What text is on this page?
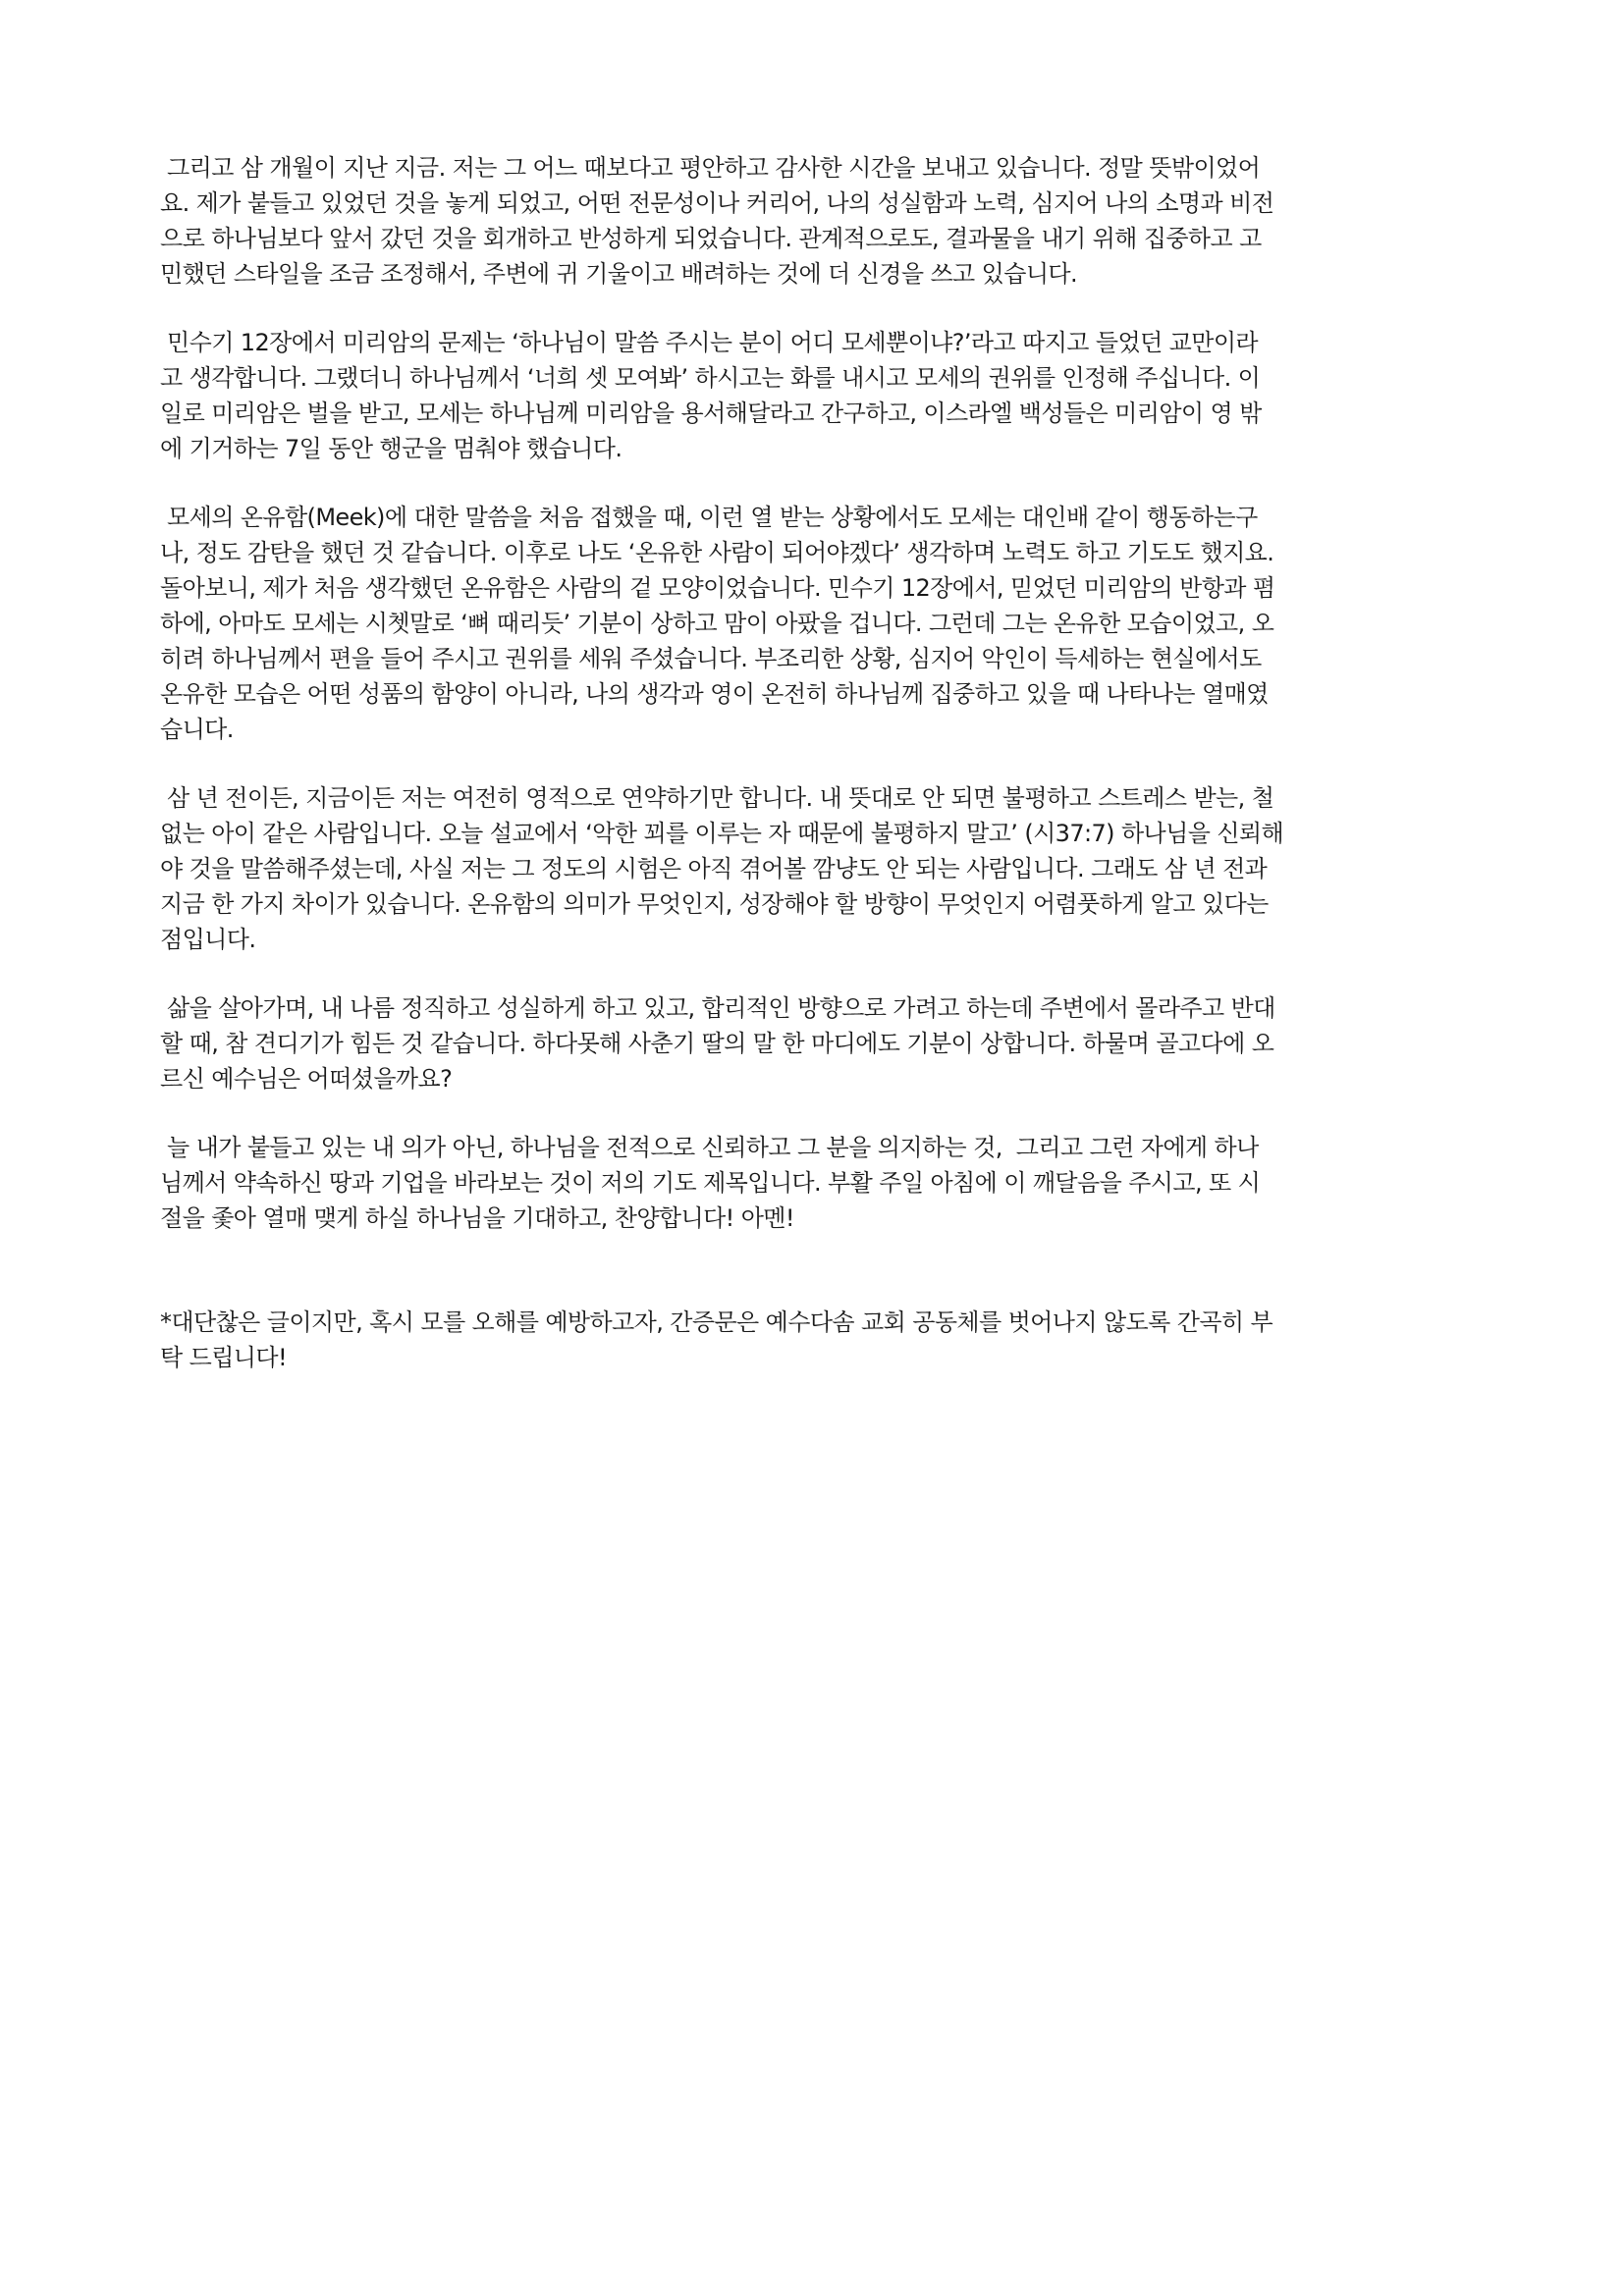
그리고 삼 개월이 지난 지금. 저는 그 어느 때보다고 평안하고 감사한 시간을 보내고 있습니다. 정말 뜻밖이었어
요. 제가 붙들고 있었던 것을 놓게 되었고, 어떤 전문성이나 커리어, 나의 성실함과 노력, 심지어 나의 소명과 비전
으로 하나님보다 앞서 갔던 것을 회개하고 반성하게 되었습니다. 관계적으로도, 결과물을 내기 위해 집중하고 고
민했던 스타일을 조금 조정해서, 주변에 귀 기울이고 배려하는 것에 더 신경을 쓰고 있습니다.

민수기 12장에서 미리암의 문제는 ‘하나님이 말씀 주시는 분이 어디 모세뿐이냐?’라고 따지고 들었던 교만이라
고 생각합니다. 그랬더니 하나님께서 ‘너희 셋 모여봐’ 하시고는 화를 내시고 모세의 권위를 인정해 주십니다. 이
일로 미리암은 벌을 받고, 모세는 하나님께 미리암을 용서해달라고 간구하고, 이스라엘 백성들은 미리암이 영 밖
에 기거하는 7일 동안 행군을 멈춰야 했습니다.

모세의 온유함(Meek)에 대한 말씀을 처음 접했을 때, 이런 열 받는 상황에서도 모세는 대인배 같이 행동하는구
나, 정도 감탄을 했던 것 같습니다. 이후로 나도 ‘온유한 사람이 되어야겠다’ 생각하며 노력도 하고 기도도 했지요.
돌아보니, 제가 처음 생각했던 온유함은 사람의 겉 모양이었습니다. 민수기 12장에서, 믿었던 미리암의 반항과 폄
하에, 아마도 모세는 시쳇말로 ‘뼈 때리듯’ 기분이 상하고 맘이 아팠을 겁니다. 그런데 그는 온유한 모습이었고, 오
히려 하나님께서 편을 들어 주시고 권위를 세워 주셨습니다. 부조리한 상황, 심지어 악인이 득세하는 현실에서도
온유한 모습은 어떤 성품의 함양이 아니라, 나의 생각과 영이 온전히 하나님께 집중하고 있을 때 나타나는 열매였
습니다.

삼 년 전이든, 지금이든 저는 여전히 영적으로 연약하기만 합니다. 내 뜻대로 안 되면 불평하고 스트레스 받는, 철
없는 아이 같은 사람입니다. 오늘 설교에서 ‘악한 꾀를 이루는 자 때문에 불평하지 말고’ (시37:7) 하나님을 신뢰해
야 것을 말씀해주셨는데, 사실 저는 그 정도의 시험은 아직 겪어볼 깜냥도 안 되는 사람입니다. 그래도 삼 년 전과
지금 한 가지 차이가 있습니다. 온유함의 의미가 무엇인지, 성장해야 할 방향이 무엇인지 어렴풋하게 알고 있다는
점입니다.

삶을 살아가며, 내 나름 정직하고 성실하게 하고 있고, 합리적인 방향으로 가려고 하는데 주변에서 몰라주고 반대
할 때, 참 견디기가 힘든 것 같습니다. 하다못해 사춘기 딸의 말 한 마디에도 기분이 상합니다. 하물며 골고다에 오
르신 예수님은 어떠셨을까요?

늘 내가 붙들고 있는 내 의가 아닌, 하나님을 전적으로 신뢰하고 그 분을 의지하는 것,  그리고 그런 자에게 하나
님께서 약속하신 땅과 기업을 바라보는 것이 저의 기도 제목입니다. 부활 주일 아침에 이 깨달음을 주시고, 또 시
절을 좇아 열매 맺게 하실 하나님을 기대하고, 찬양합니다! 아멘!

*대단찮은 글이지만, 혹시 모를 오해를 예방하고자, 간증문은 예수다솜 교회 공동체를 벗어나지 않도록 간곡히 부
탁 드립니다!
